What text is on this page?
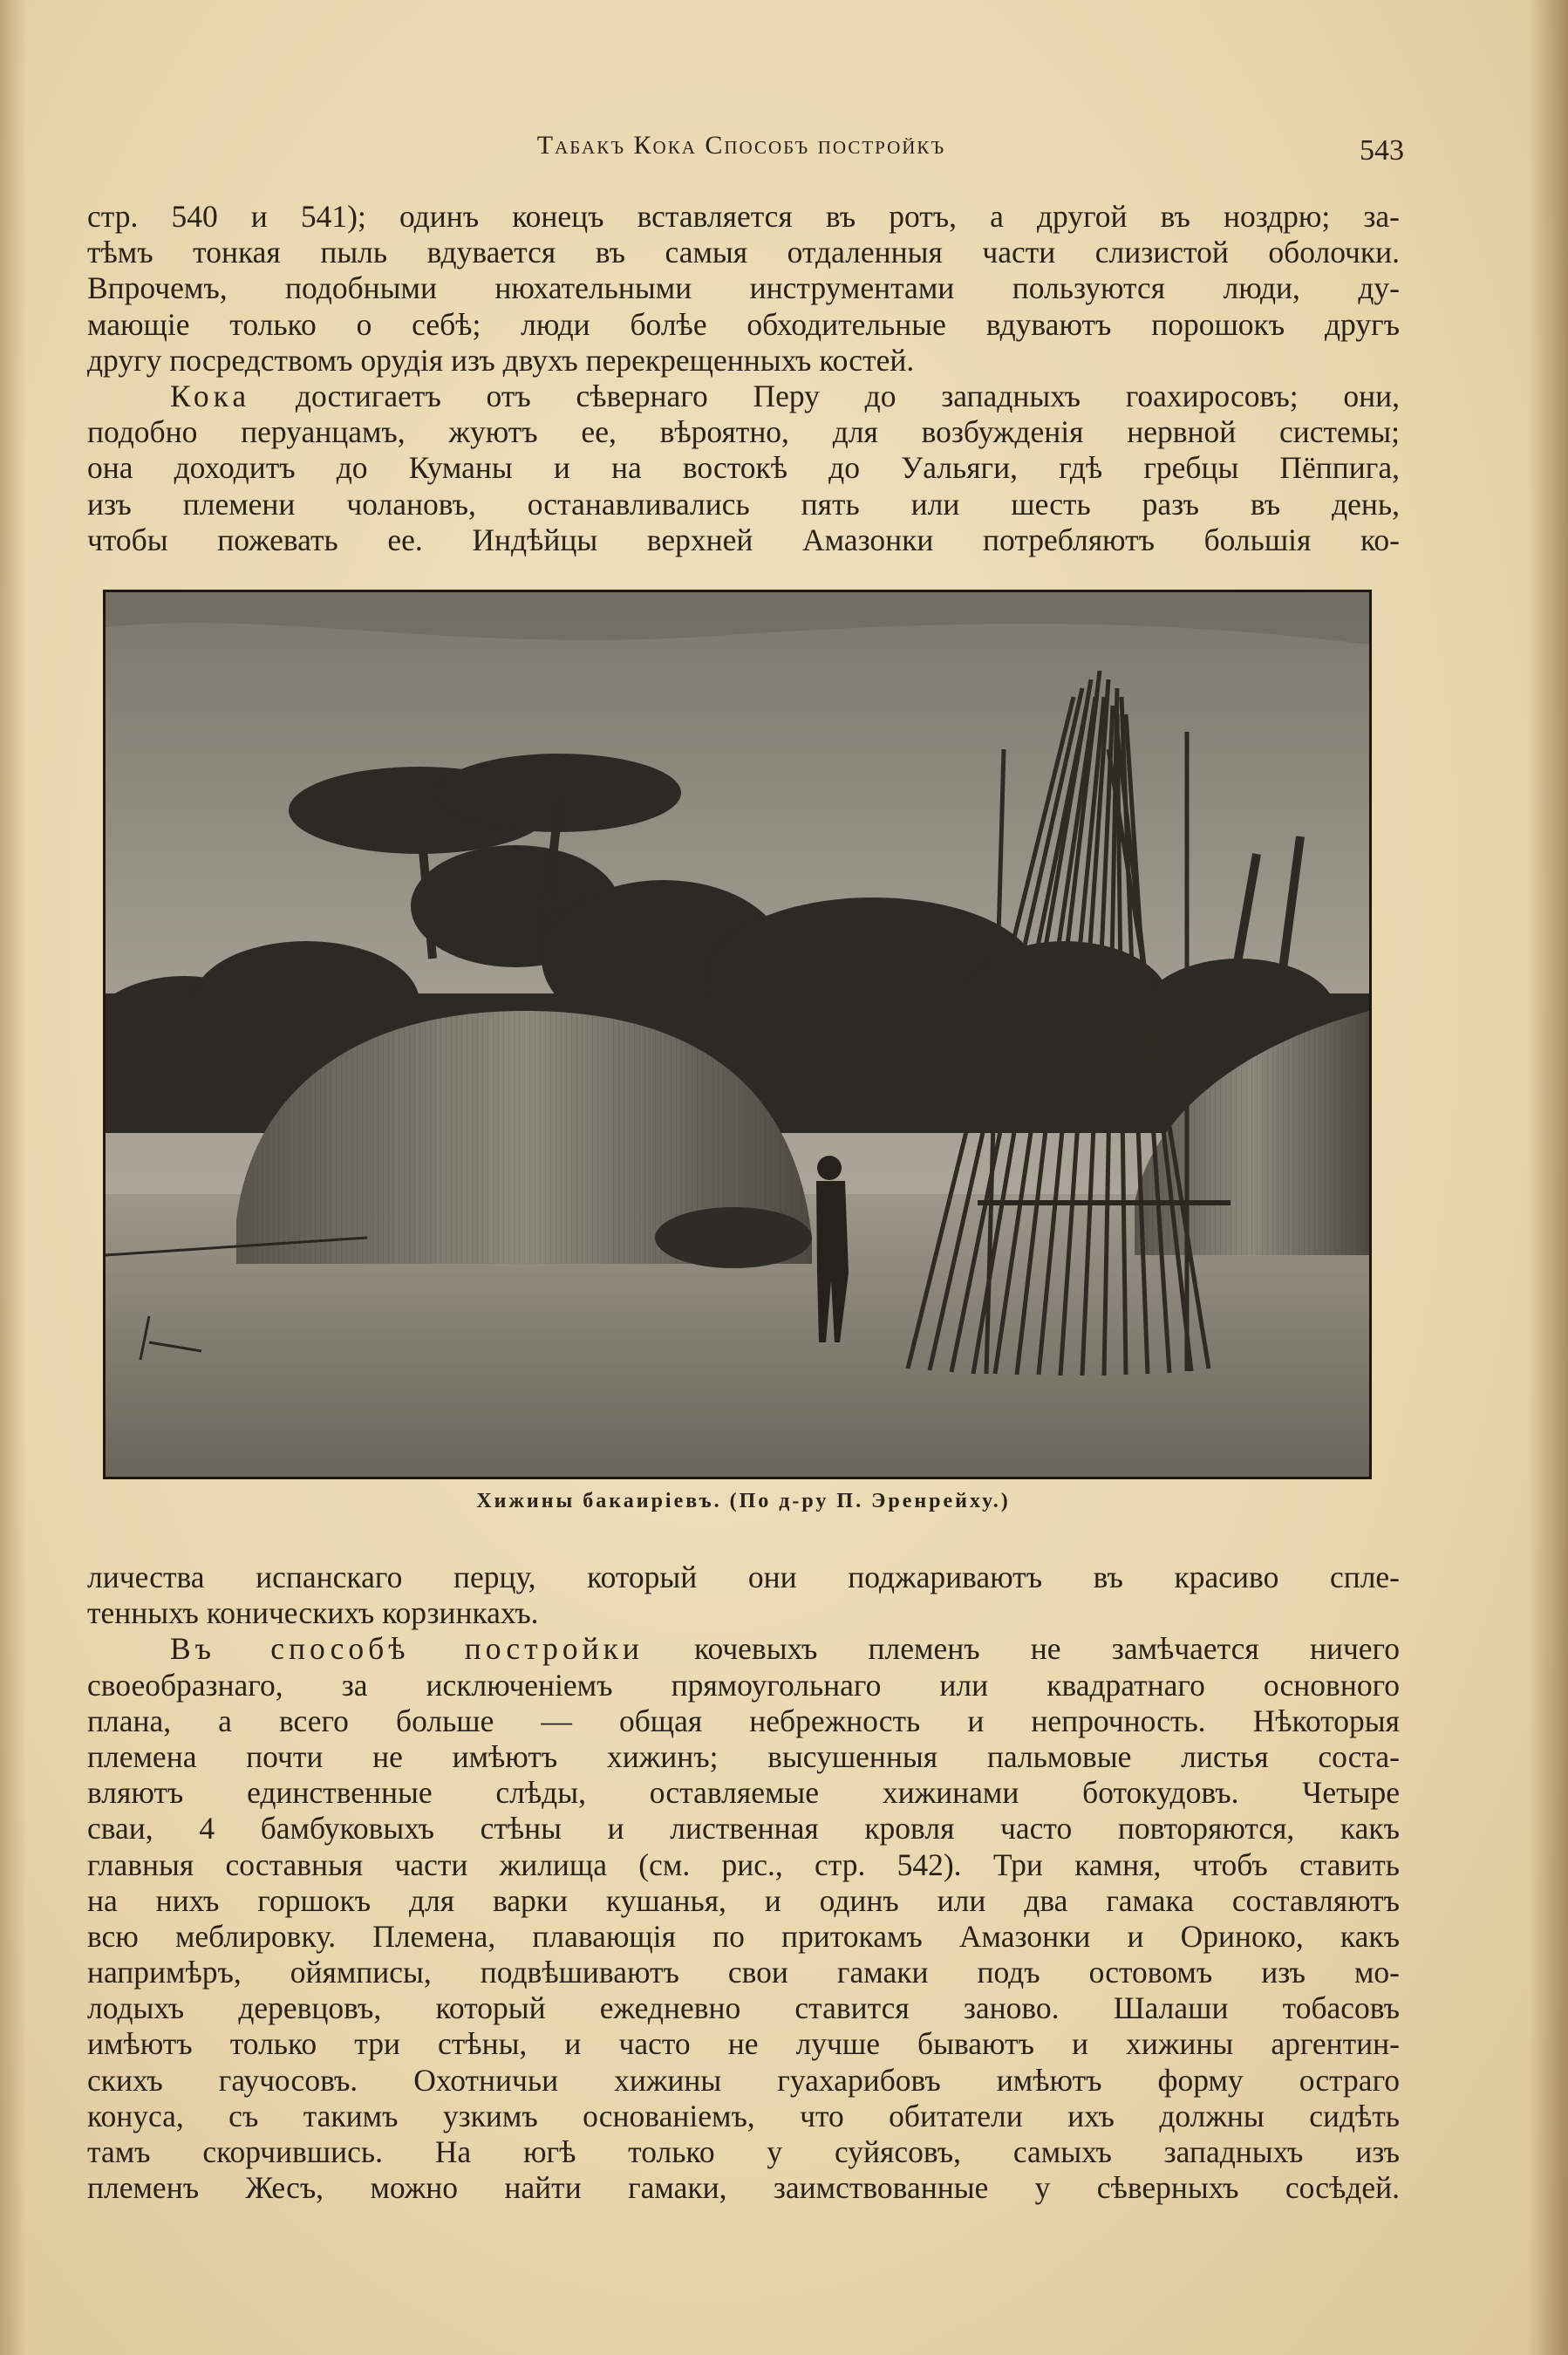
Табакъ Кока Способъ постройкъ	543
стр. 540 и 541); одинъ конецъ вставляется въ ротъ, а другой въ ноздрю; за-
тѣмъ тонкая пыль вдувается въ самыя отдаленныя части слизистой оболочки.
Впрочемъ, подобными нюхательными инструментами пользуются люди, ду-
мающіе только о себѣ; люди болѣе обходительные вдуваютъ порошокъ другъ
другу посредствомъ орудія изъ двухъ перекрещенныхъ костей.
Кока достигаетъ отъ сѣвернаго Перу до западныхъ гоахиросовъ; они,
подобно перуанцамъ, жуютъ ее, вѣроятно, для возбужденія нервной системы;
она доходитъ до Куманы и на востокѣ до Уальяги, гдѣ гребцы Пёппига,
изъ племени чолановъ, останавливались пять или шесть разъ въ день,
чтобы пожевать ее. Индѣйцы верхней Амазонки потребляютъ большія ко-
Хижины бакаиріевъ. (По д-ру П. Эренрейху.)
личества испанскаго перцу, который они поджариваютъ въ красиво спле-
тенныхъ коническихъ корзинкахъ.
Въ способѣ постройки кочевыхъ племенъ не замѣчается ничего
своеобразнаго, за исключеніемъ прямоугольнаго или квадратнаго основного
плана, а всего больше — общая небрежность и непрочность. Нѣкоторыя
племена почти не имѣютъ хижинъ; высушенныя пальмовые листья соста-
вляютъ единственные слѣды, оставляемые хижинами ботокудовъ. Четыре
сваи, 4 бамбуковыхъ стѣны и лиственная кровля часто повторяются, какъ
главныя составныя части жилища (см. рис., стр. 542). Три камня, чтобъ ставить
на нихъ горшокъ для варки кушанья, и одинъ или два гамака составляютъ
всю меблировку. Племена, плавающія по притокамъ Амазонки и Ориноко, какъ
напримѣръ, ойямписы, подвѣшиваютъ свои гамаки подъ остовомъ изъ мо-
лодыхъ деревцовъ, который ежедневно ставится заново. Шалаши тобасовъ
имѣютъ только три стѣны, и часто не лучше бываютъ и хижины аргентин-
скихъ гаучосовъ. Охотничьи хижины гуахарибовъ имѣютъ форму остраго
конуса, съ такимъ узкимъ основаніемъ, что обитатели ихъ должны сидѣть
тамъ скорчившись. На югѣ только у суйясовъ, самыхъ западныхъ изъ
племенъ Жесъ, можно найти гамаки, заимствованные у сѣверныхъ сосѣдей.
